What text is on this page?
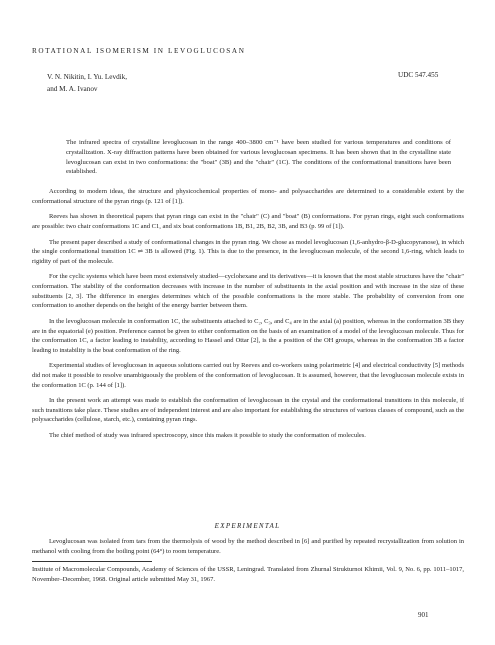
ROTATIONAL ISOMERISM IN LEVOGLUCOSAN
V. N. Nikitin, I. Yu. Levdik,
and M. A. Ivanov
UDC 547.455
The infrared spectra of crystalline levoglucosan in the range 400–3800 cm⁻¹ have been studied for various temperatures and conditions of crystallization. X-ray diffraction patterns have been obtained for various levoglucosan specimens. It has been shown that in the crystalline state levoglucosan can exist in two conformations: the "boat" (3B) and the "chair" (1C). The conditions of the conformational transitions have been established.

According to modern ideas, the structure and physicochemical properties of mono- and polysaccharides are determined to a considerable extent by the conformational structure of the pyran rings (p. 121 of [1]).

Reeves has shown in theoretical papers that pyran rings can exist in the "chair" (C) and "boat" (B) conformations. For pyran rings, eight such conformations are possible: two chair conformations 1C and C1, and six boat conformations 1B, B1, 2B, B2, 3B, and B3 (p. 99 of [1]).

The present paper described a study of conformational changes in the pyran ring. We chose as model levoglucosan (1,6-anhydro-β-D-glucopyranose), in which the single conformational transition 1C ⇌ 3B is allowed (Fig. 1). This is due to the presence, in the levoglucosan molecule, of the second 1,6-ring, which leads to rigidity of part of the molecule.

For the cyclic systems which have been most extensively studied—cyclohexane and its derivatives—it is known that the most stable structures have the "chair" conformation. The stability of the conformation decreases with increase in the number of substituents in the axial position and with increase in the size of these substituents [2, 3]. The difference in energies determines which of the possible conformations is the more stable. The probability of conversion from one conformation to another depends on the height of the energy barrier between them.

In the levoglucosan molecule in conformation 1C, the substituents attached to C₂, C₃, and C₄ are in the axial (a) position, whereas in the conformation 3B they are in the equatorial (e) position. Preference cannot be given to either conformation on the basis of an examination of a model of the levoglucosan molecule. Thus for the conformation 1C, a factor leading to instability, according to Hassel and Ottar [2], is the a position of the OH groups, whereas in the conformation 3B a factor leading to instability is the boat conformation of the ring.

Experimental studies of levoglucosan in aqueous solutions carried out by Reeves and co-workers using polarimetric [4] and electrical conductivity [5] methods did not make it possible to resolve unambiguously the problem of the conformation of levoglucosan. It is assumed, however, that the levoglucosan molecule exists in the conformation 1C (p. 144 of [1]).

In the present work an attempt was made to establish the conformation of levoglucosan in the crystal and the conformational transitions in this molecule, if such transitions take place. These studies are of independent interest and are also important for establishing the structures of various classes of compound, such as the polysaccharides (cellulose, starch, etc.), containing pyran rings.

The chief method of study was infrared spectroscopy, since this makes it possible to study the conformation of molecules.

EXPERIMENTAL

Levoglucosan was isolated from tars from the thermolysis of wood by the method described in [6] and purified by repeated recrystallization from solution in methanol with cooling from the boiling point (64°) to room temperature.

Institute of Macromolecular Compounds, Academy of Sciences of the USSR, Leningrad. Translated from Zhurnal Strukturnoi Khimii, Vol. 9, No. 6, pp. 1011–1017, November–December, 1968. Original article submitted May 31, 1967.
901
